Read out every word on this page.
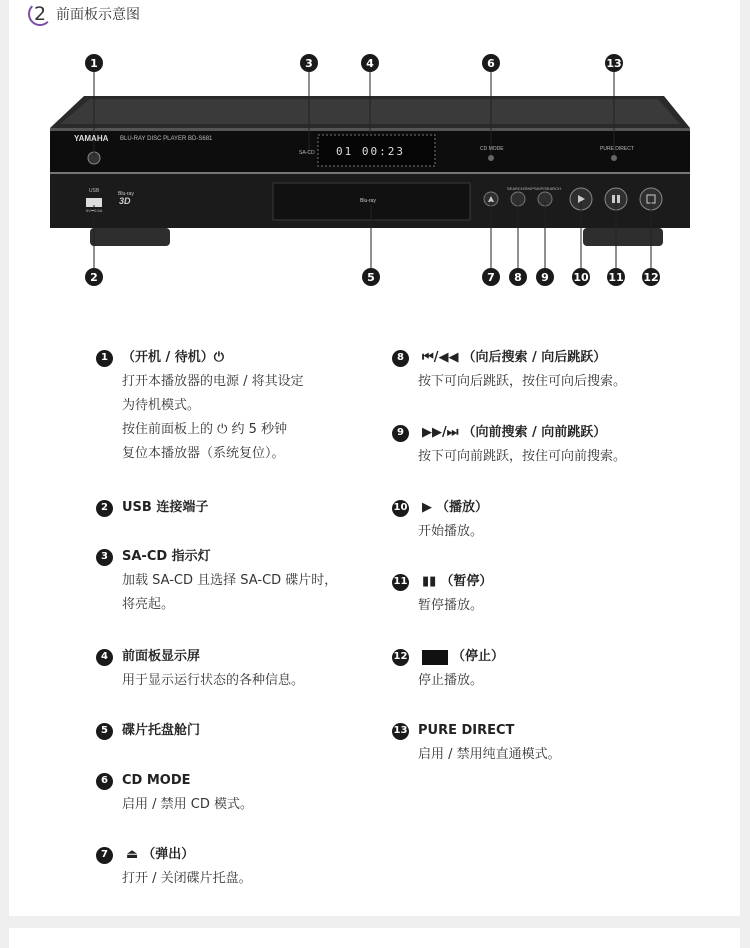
2 前面板示意图
YAMAHA BLU-RAY DISC PLAYER BD-S681
SA-CD 01 00:23	CD MODE	PURE DIRECT
USB
5V⎓0.5A
Blu-ray
3D	Blu-ray
SEARCH/SKIP SKIP/SEARCH
1	3	4	6	13
2	5	7	8	9	10 11 12
1	（开机 / 待机）⏻
打开本播放器的电源 / 将其设定
为待机模式。
按住前面板上的 ⏻ 约 5 秒钟
复位本播放器（系统复位）。
2	USB 连接端子
3	SA-CD 指示灯
加载 SA-CD 且选择 SA-CD 碟片时，
将亮起。
4	前面板显示屏
用于显示运行状态的各种信息。
5	碟片托盘舱门
6	CD MODE
启用 / 禁用 CD 模式。
7	⏏ （弹出）
打开 / 关闭碟片托盘。
8	⏮/◀◀ （向后搜索 / 向后跳跃）
按下可向后跳跃，按住可向后搜索。
9	▶▶/⏭ （向前搜索 / 向前跳跃）
按下可向前跳跃，按住可向前搜索。
10 ▶ （播放）
开始播放。
11 ▮▮ （暂停）
暂停播放。
12	（停止）
停止播放。
13 PURE DIRECT
启用 / 禁用纯直通模式。
